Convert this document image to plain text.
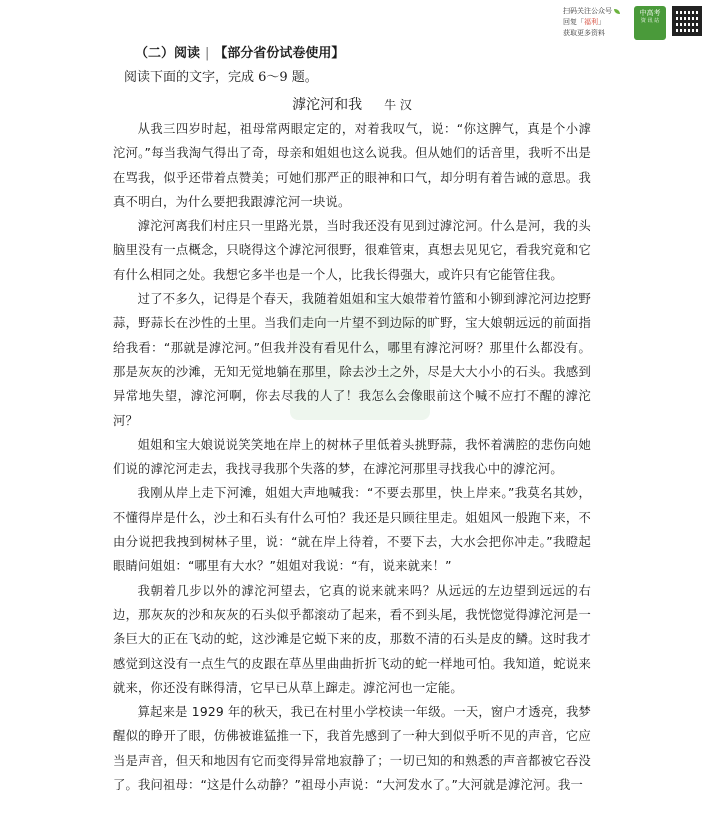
扫码关注公众号
回复「福利」
获取更多资料
中高考
资 讯 站
（二）阅读 | 【部分省份试卷使用】
阅读下面的文字，完成 6～9 题。
滹沱河和我 牛 汉

从我三四岁时起，祖母常两眼定定的，对着我叹气，说：“你这脾气，真是个小滹沱河。”每当我淘气得出了奇，母亲和姐姐也这么说我。但从她们的话音里，我听不出是在骂我，似乎还带着点赞美；可她们那严正的眼神和口气，却分明有着告诫的意思。我真不明白，为什么要把我跟滹沱河一块说。

滹沱河离我们村庄只一里路光景，当时我还没有见到过滹沱河。什么是河，我的头脑里没有一点概念，只晓得这个滹沱河很野，很难管束，真想去见见它，看我究竟和它有什么相同之处。我想它多半也是一个人，比我长得强大，或许只有它能管住我。

过了不多久，记得是个春天，我随着姐姐和宝大娘带着竹篮和小铆到滹沱河边挖野蒜，野蒜长在沙性的土里。当我们走向一片望不到边际的旷野，宝大娘朝远远的前面指给我看：“那就是滹沱河。”但我并没有看见什么，哪里有滹沱河呀？那里什么都没有。那是灰灰的沙滩，无知无觉地躺在那里，除去沙土之外，尽是大大小小的石头。我感到异常地失望，滹沱河啊，你去尽我的人了！我怎么会像眼前这个喊不应打不醒的滹沱河？

姐姐和宝大娘说说笑笑地在岸上的树林子里低着头挑野蒜，我怀着满腔的悲伤向她们说的滹沱河走去，我找寻我那个失落的梦，在滹沱河那里寻找我心中的滹沱河。

我刚从岸上走下河滩，姐姐大声地喊我：“不要去那里，快上岸来。”我莫名其妙，不懂得岸是什么，沙土和石头有什么可怕？我还是只顾往里走。姐姐风一般跑下来，不由分说把我拽到树林子里，说：“就在岸上待着，不要下去，大水会把你冲走。”我瞪起眼睛问姐姐：“哪里有大水？”姐姐对我说：“有，说来就来！”

我朝着几步以外的滹沱河望去，它真的说来就来吗？从远远的左边望到远远的右边，那灰灰的沙和灰灰的石头似乎都滚动了起来，看不到头尾，我恍惚觉得滹沱河是一条巨大的正在飞动的蛇，这沙滩是它蜕下来的皮，那数不清的石头是皮的鳞。这时我才感觉到这没有一点生气的皮跟在草丛里曲曲折折飞动的蛇一样地可怕。我知道，蛇说来就来，你还没有眯得清，它早已从草上蹿走。滹沱河也一定能。

算起来是 1929 年的秋天，我已在村里小学校读一年级。一天，窗户才透亮，我梦醒似的睁开了眼，仿佛被谁猛推一下，我首先感到了一种大到似乎听不见的声音，它应当是声音，但天和地因有它而变得异常地寂静了；一切已知的和熟悉的声音都被它吞没了。我问祖母：“这是什么动静？”祖母小声说：“大河发水了。”大河就是滹沱河。我一
